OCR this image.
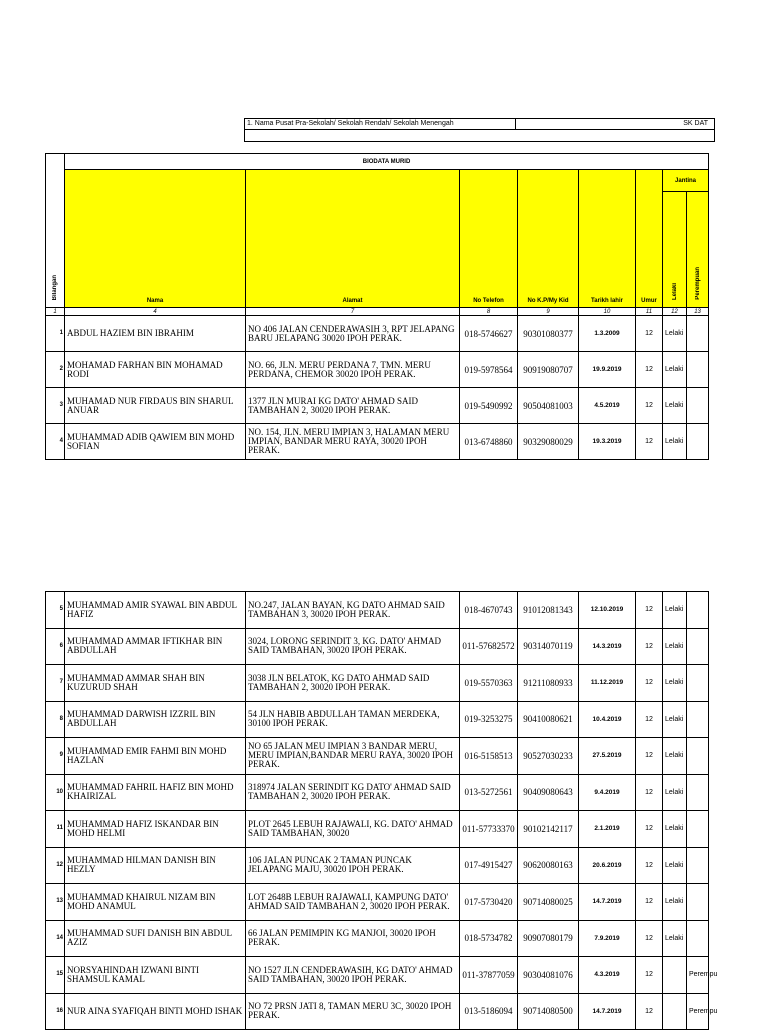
1. Nama Pusat Pra-Sekolah/ Sekolah Rendah/ Sekolah Menengah	SK DAT
Bilangan	BIODATA MURID							
	Nama	Alamat	No Telefon	No K.P/My Kid	Tarikh lahir	Umur	Jantina	
							Lelaki	Perempuan
1	4	7	8	9	10	11	12	13
1	ABDUL HAZIEM BIN IBRAHIM	NO 406 JALAN CENDERAWASIH 3, RPT JELAPANG BARU JELAPANG 30020 IPOH PERAK.	018-5746627	90301080377	1.3.2009	12	Lelaki	
2	MOHAMAD FARHAN BIN MOHAMAD RODI	NO. 66, JLN. MERU PERDANA 7, TMN. MERU PERDANA, CHEMOR 30020 IPOH PERAK.	019-5978564	90919080707	19.9.2019	12	Lelaki	
3	MUHAMAD NUR FIRDAUS BIN SHARUL ANUAR	1377 JLN MURAI KG DATO' AHMAD SAID TAMBAHAN 2, 30020 IPOH PERAK.	019-5490992	90504081003	4.5.2019	12	Lelaki	
4	MUHAMMAD ADIB QAWIEM BIN MOHD SOFIAN	NO. 154, JLN. MERU IMPIAN 3, HALAMAN MERU IMPIAN, BANDAR MERU RAYA, 30020 IPOH PERAK.	013-6748860	90329080029	19.3.2019	12	Lelaki	
5	MUHAMMAD AMIR SYAWAL BIN ABDUL HAFIZ	NO.247, JALAN BAYAN, KG DATO AHMAD SAID TAMBAHAN 3, 30020 IPOH PERAK.	018-4670743	91012081343	12.10.2019	12	Lelaki	
6	MUHAMMAD AMMAR IFTIKHAR BIN ABDULLAH	3024, LORONG SERINDIT 3, KG. DATO' AHMAD SAID TAMBAHAN, 30020 IPOH PERAK.	011-57682572	90314070119	14.3.2019	12	Lelaki	
7	MUHAMMAD AMMAR SHAH BIN KUZURUD SHAH	3038 JLN BELATOK, KG DATO AHMAD SAID TAMBAHAN 2, 30020 IPOH PERAK.	019-5570363	91211080933	11.12.2019	12	Lelaki	
8	MUHAMMAD DARWISH IZZRIL BIN ABDULLAH	54 JLN HABIB ABDULLAH TAMAN MERDEKA, 30100 IPOH PERAK.	019-3253275	90410080621	10.4.2019	12	Lelaki	
9	MUHAMMAD EMIR FAHMI BIN MOHD HAZLAN	NO 65 JALAN MEU IMPIAN 3 BANDAR MERU, MERU IMPIAN,BANDAR MERU RAYA, 30020 IPOH PERAK.	016-5158513	90527030233	27.5.2019	12	Lelaki	
10	MUHAMMAD FAHRIL HAFIZ BIN MOHD KHAIRIZAL	318974 JALAN SERINDIT KG DATO' AHMAD SAID TAMBAHAN 2, 30020 IPOH PERAK.	013-5272561	90409080643	9.4.2019	12	Lelaki	
11	MUHAMMAD HAFIZ ISKANDAR BIN MOHD HELMI	PLOT 2645 LEBUH RAJAWALI, KG. DATO' AHMAD SAID TAMBAHAN, 30020	011-57733370	90102142117	2.1.2019	12	Lelaki	
12	MUHAMMAD HILMAN DANISH BIN HEZLY	106 JALAN PUNCAK 2 TAMAN PUNCAK JELAPANG MAJU, 30020 IPOH PERAK.	017-4915427	90620080163	20.6.2019	12	Lelaki	
13	MUHAMMAD KHAIRUL NIZAM BIN MOHD ANAMUL	LOT 2648B LEBUH RAJAWALI, KAMPUNG DATO' AHMAD SAID TAMBAHAN 2, 30020 IPOH PERAK.	017-5730420	90714080025	14.7.2019	12	Lelaki	
14	MUHAMMAD SUFI DANISH BIN ABDUL AZIZ	66 JALAN PEMIMPIN KG MANJOI, 30020 IPOH PERAK.	018-5734782	90907080179	7.9.2019	12	Lelaki	
15	NORSYAHINDAH IZWANI BINTI SHAMSUL KAMAL	NO 1527 JLN CENDERAWASIH, KG DATO' AHMAD SAID TAMBAHAN, 30020 IPOH PERAK.	011-37877059	90304081076	4.3.2019	12		Perempu
16	NUR AINA SYAFIQAH BINTI MOHD ISHAK	NO 72 PRSN JATI 8, TAMAN MERU 3C, 30020 IPOH PERAK.	013-5186094	90714080500	14.7.2019	12		Perempu
